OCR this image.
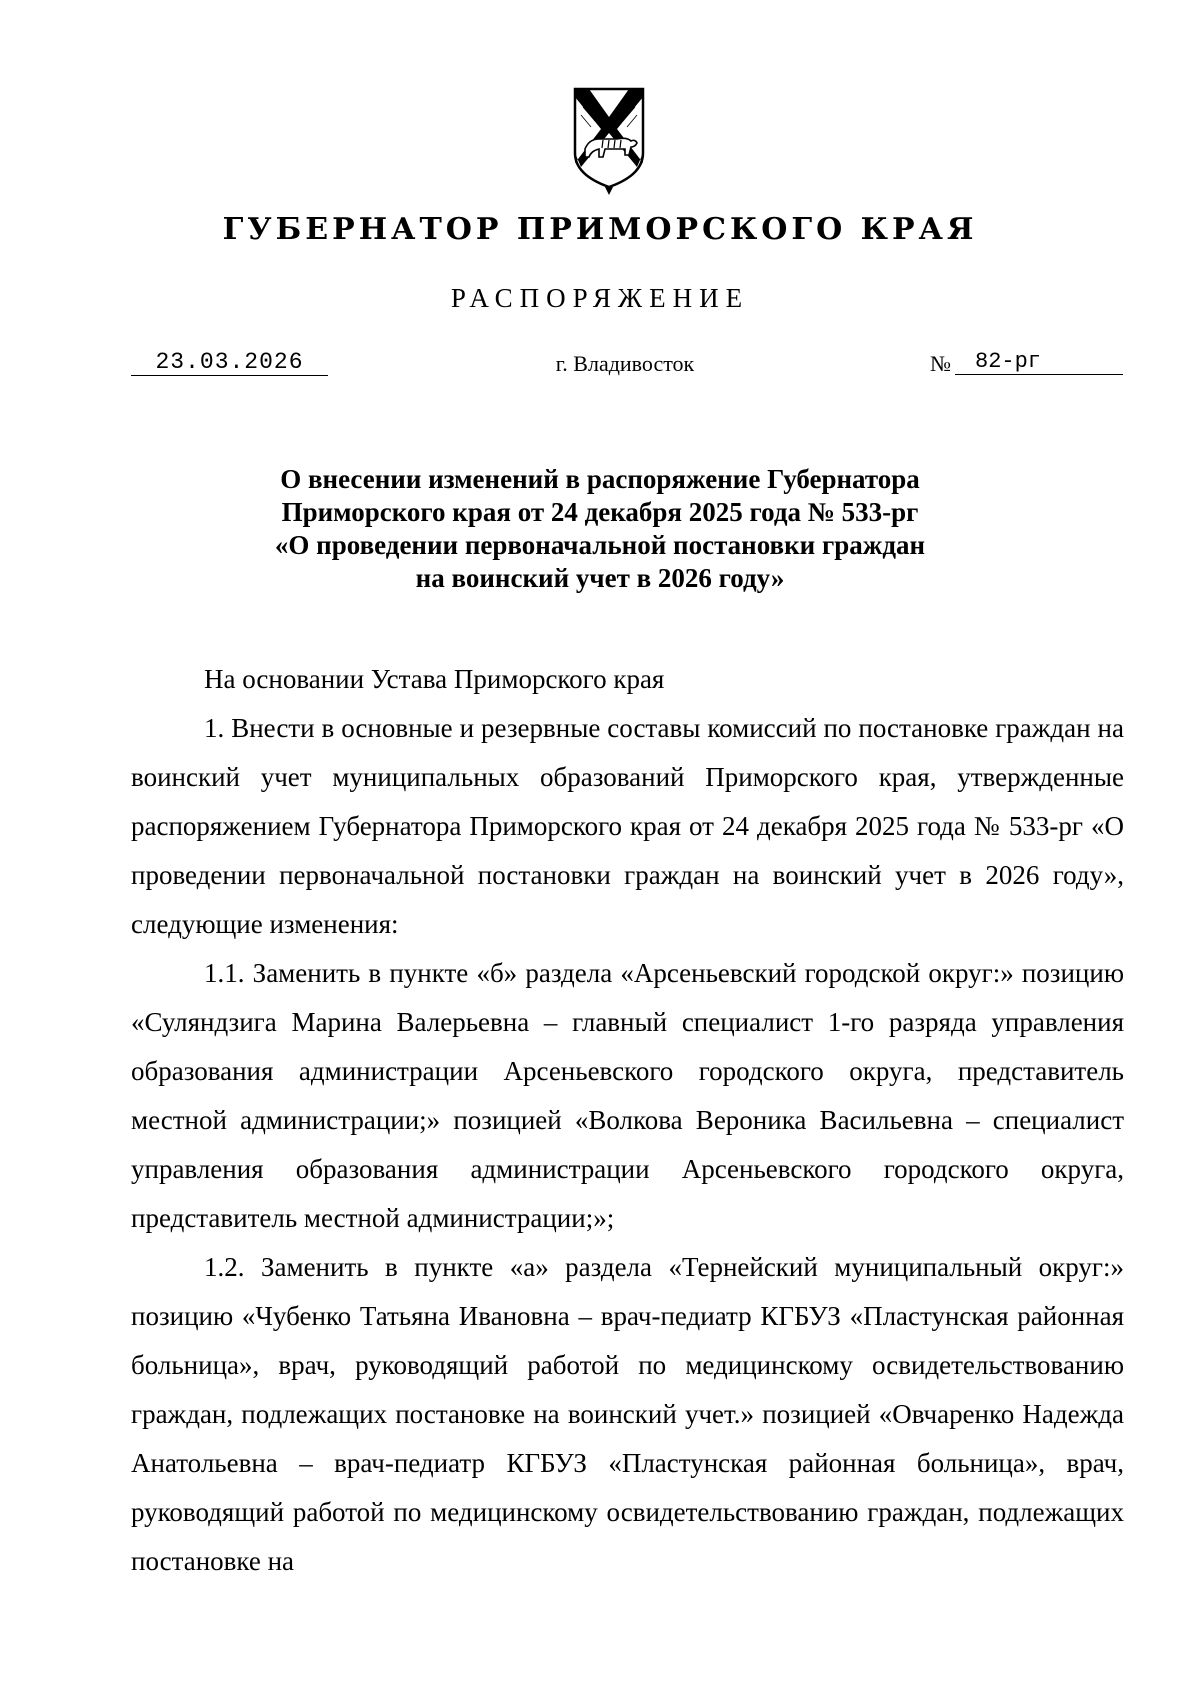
ГУБЕРНАТОР ПРИМОРСКОГО КРАЯ
РАСПОРЯЖЕНИЕ
23.03.2026	г. Владивосток	№	82-рг
О внесении изменений в распоряжение Губернатора
Приморского края от 24 декабря 2025 года № 533-рг
«О проведении первоначальной постановки граждан
на воинский учет в 2026 году»

На основании Устава Приморского края

1. Внести в основные и резервные составы комиссий по постановке граждан на воинский учет муниципальных образований Приморского края, утвержденные распоряжением Губернатора Приморского края от 24 декабря 2025 года № 533-рг «О проведении первоначальной постановки граждан на воинский учет в 2026 году», следующие изменения:

1.1. Заменить в пункте «б» раздела «Арсеньевский городской округ:» позицию «Суляндзига Марина Валерьевна – главный специалист 1-го разряда управления образования администрации Арсеньевского городского округа, представитель местной администрации;» позицией «Волкова Вероника Васильевна – специалист управления образования администрации Арсеньевского городского округа, представитель местной администрации;»;

1.2. Заменить в пункте «а» раздела «Тернейский муниципальный округ:» позицию «Чубенко Татьяна Ивановна – врач-педиатр КГБУЗ «Пластунская районная больница», врач, руководящий работой по медицинскому освидетельствованию граждан, подлежащих постановке на воинский учет.» позицией «Овчаренко Надежда Анатольевна – врач-педиатр КГБУЗ «Пластунская районная больница», врач, руководящий работой по медицинскому освидетельствованию граждан, подлежащих постановке на
